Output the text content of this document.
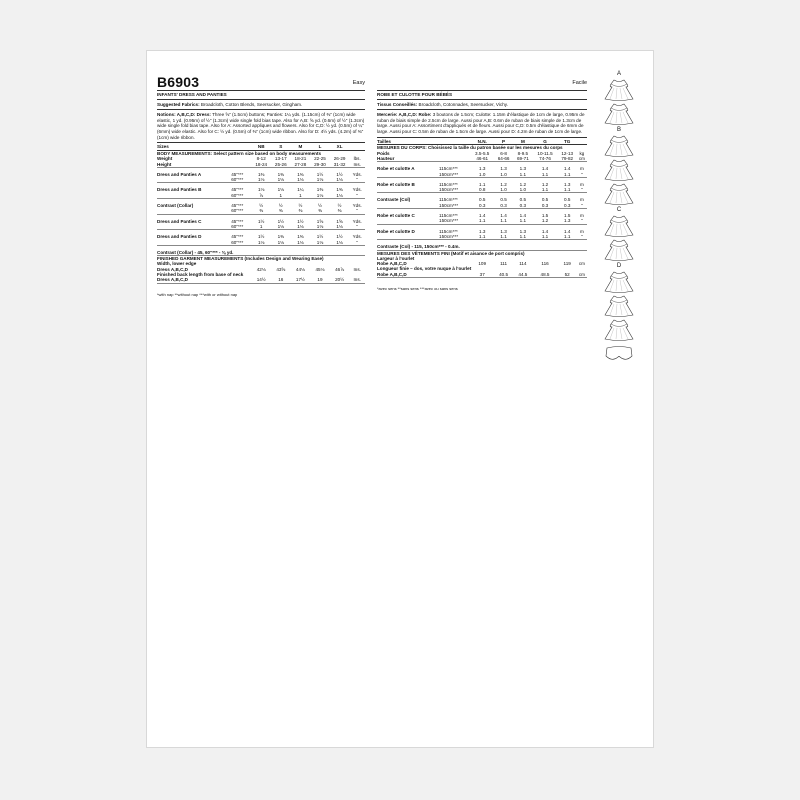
B6903	Easy
INFANTS' DRESS AND PANTIES
Suggested Fabrics: Broadcloth, Cotton Blends, Seersucker, Gingham.
Notions: A,B,C,D: Dress: Three ⅝" (1.5cm) buttons; Panties: 1¼ yds. (1.15cm) of ⅜" (1cm) wide elastic, 1 yd. (0.95m) of ½" (1.3cm) wide single fold bias tape. Also for A,B: ⅝ yd. (0.6m) of ½" (1.3cm) wide single fold bias tape. Also for A: Assorted appliques and flowers. Also for C,D: ½ yd. (0.5m) of ¼" (6mm) wide elastic. Also for C: ½ yd. (0.5m) of ⅜" (1cm) wide ribbon. Also for D: 4½ yds. (4.2m) of ⅜" (1cm) wide ribbon.
Sizes		NB	S	M	L	XL	
BODY MEASUREMENTS: Select pattern size based on body measurements							
Weight		8-12	13-17	18-21	22-25	26-29	lbs.
Height		18-24	25-26	27-28	29-30	31-32	Ins.

Dress and Panties A	45"***	1⅜	1⅜	1⅜	1½	1½	Yds.
	60"***	1⅛	1⅛	1⅛	1⅛	1⅛	"

Dress and Panties B	45"***	1⅛	1⅛	1¼	1⅜	1⅜	Yds.
	60"***	⅞	1	1	1⅛	1⅛	"

Contrast (Collar)	45"***	½	½	½	½	½	Yds.
	60"***	⅜	⅜	⅜	⅜	⅜	"

Dress and Panties C	45"***	1½	1½	1½	1⅝	1⅝	Yds.
	60"***	1	1⅛	1⅛	1⅛	1⅛	"

Dress and Panties D	45"***	1½	1⅜	1⅜	1½	1½	Yds.
	60"***	1⅛	1⅛	1⅛	1⅛	1⅛	"

Contrast (Collar) - 45, 60"*** - ⅜ yd.							
FINISHED GARMENT MEASUREMENTS (Includes Design and Wearing Ease)							
Width, lower edge							
Dress A,B,C,D		42⅛	43⅝	44⅛	45⅛	46⅞	Ins.
Finished back length from base of neck							
Dress A,B,C,D		14½	16	17½	19	20½	Ins.
*with nap **without nap ***with or without nap
Facile
ROBE ET CULOTTE POUR BÉBÉS
Tissus Conseillés: Broadcloth, Cotonnades, Seersucker, Vichy.
Mercerie: A,B,C,D: Robe: 3 boutons de 1.5cm; Culotte: 1.15m d'élastique de 1cm de large, 0.95m de ruban de biais simple de 2.5cm de large. Aussi pour A,B: 0.6m de ruban de biais simple de 1.3cm de large. Aussi pour A: Assortiment d'appliqués et de fleurs. Aussi pour C,D: 0.5m d'élastique de 6mm de large. Aussi pour C: 0.5m de ruban de 1.5cm de large. Aussi pour D: 4.2m de ruban de 1cm de large.
Tailles		N.N.	P	M	G	TG	
MESURES DU CORPS: Choisissez la taille du patron basée sur les mesures du corps							
Poids		3.5-5.5	6-8	8-9.5	10-11.5	12-13	kg
Hauteur		46-61	64-66	69-71	74-76	79-82	cm

Robe et culotte A	115cm***	1.3	1.3	1.3	1.4	1.4	m
	150cm***	1.0	1.0	1.1	1.1	1.1	"

Robe et culotte B	115cm***	1.1	1.2	1.2	1.2	1.3	m
	150cm***	0.8	1.0	1.0	1.1	1.1	"

Contraste (Col)	115cm***	0.5	0.5	0.5	0.5	0.5	m
	150cm***	0.3	0.3	0.3	0.3	0.3	"

Robe et culotte C	115cm***	1.4	1.4	1.4	1.5	1.5	m
	150cm***	1.1	1.1	1.1	1.2	1.3	"

Robe et culotte D	115cm***	1.3	1.3	1.3	1.4	1.4	m
	150cm***	1.1	1.1	1.1	1.1	1.1	"

Contraste (Col) - 115, 150cm*** - 0.4m.							
MESURES DES VÊTEMENTS FINI (Motif et aisance de port compris)							
Largeur à l'ourlet							
Robe A,B,C,D		109	111	114	116	119	cm
Longueur finie – dos, votre nuque à l'ourlet							
Robe A,B,C,D		37	40.5	44.5	48.5	52	cm
*avec sens **sans sens ***avec ou sans sens
A
B
C
D
